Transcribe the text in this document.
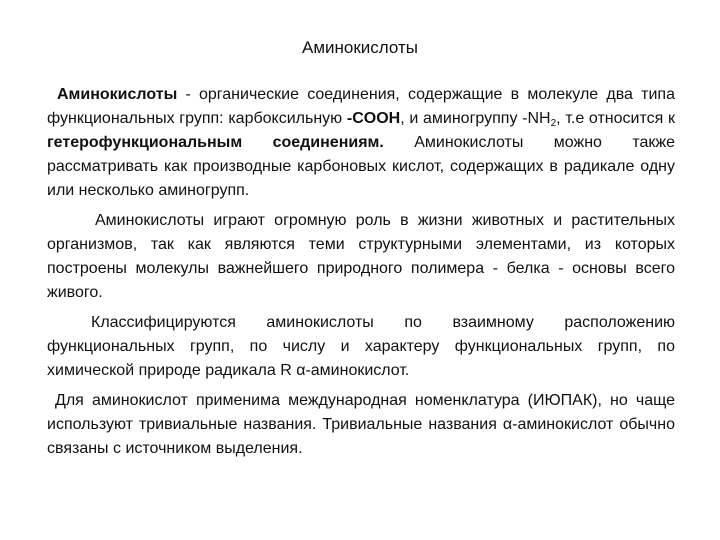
Аминокислоты

Аминокислоты - органические соединения, содержащие в молекуле два типа функциональных групп: карбоксильную -COOH, и аминогруппу $-NH_2$, т.е относится к гетерофункциональным соединениям. Аминокислоты можно также рассматривать как производные карбоновых кислот, содержащих в радикале одну или несколько аминогрупп.

Аминокислоты играют огромную роль в жизни животных и растительных организмов, так как являются теми структурными элементами, из которых построены молекулы важнейшего природного полимера - белка - основы всего живого.

Классифицируются аминокислоты по взаимному расположению функциональных групп, по числу и характеру функциональных групп, по химической природе радикала R α-аминокислот.

Для аминокислот применима международная номенклатура (ИЮПАК), но чаще используют тривиальные названия. Тривиальные названия α-аминокислот обычно связаны с источником выделения.
